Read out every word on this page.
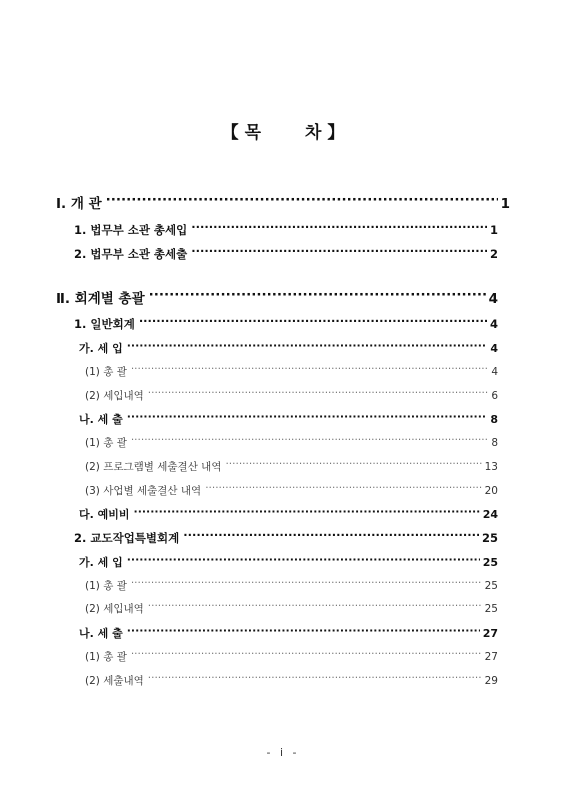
【 목	차 】
Ⅰ. 개 관 ·····	1
1. 법무부 소관 총세입 ·····	1
2. 법무부 소관 총세출 ·····	2
Ⅱ. 회계별 총괄 ·····	4
1. 일반회계 ·····	4
가. 세 입 ·····	4
(1) 총 괄 ·····	4
(2) 세입내역 ·····	6
나. 세 출 ·····	8
(1) 총 괄 ·····	8
(2) 프로그램별 세출결산 내역 ·····	13
(3) 사업별 세출결산 내역 ·····	20
다. 예비비 ·····	24
2. 교도작업특별회계 ·····	25
가. 세 입 ·····	25
(1) 총 괄 ·····	25
(2) 세입내역 ·····	25
나. 세 출 ·····	27
(1) 총 괄 ·····	27
(2) 세출내역 ·····	29
- i -
